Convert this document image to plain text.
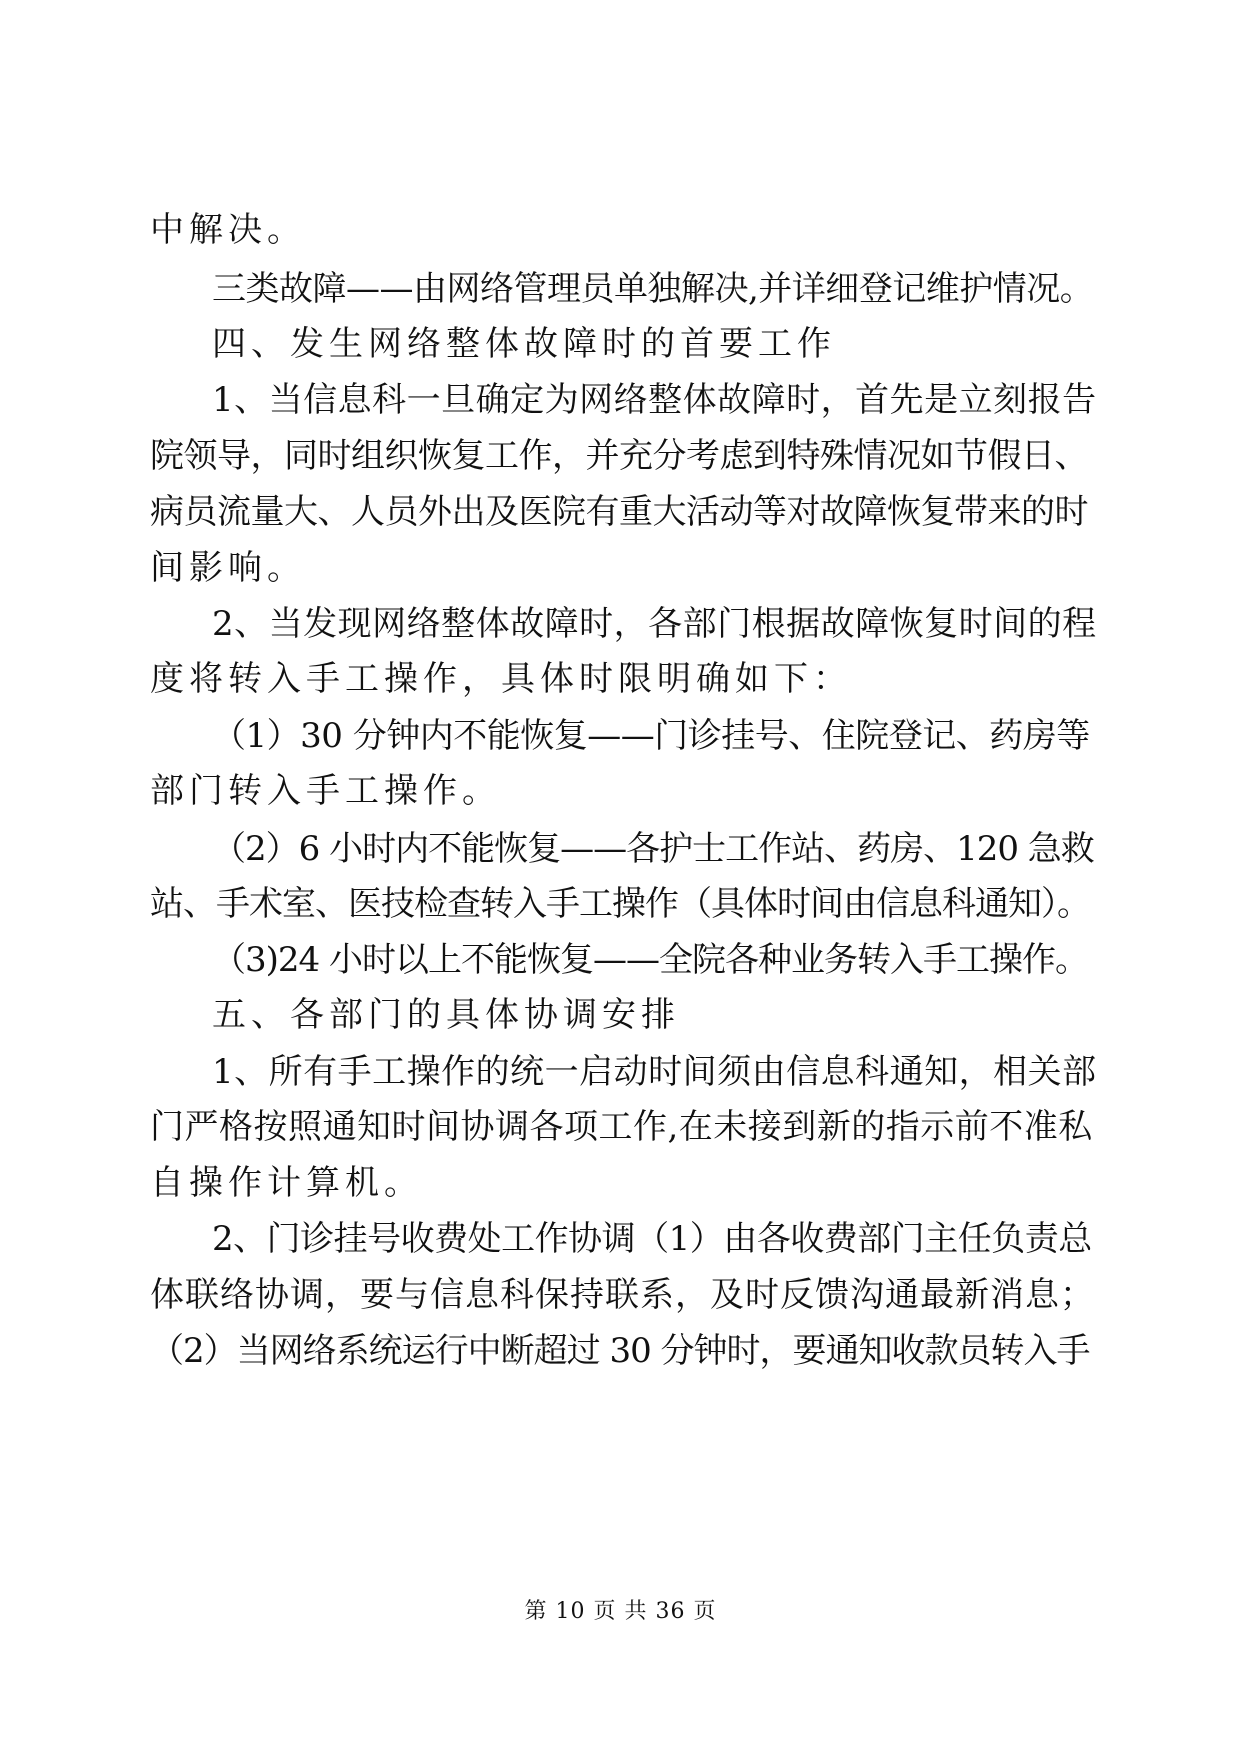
中解决。
三类故障——由网络管理员单独解决,并详细登记维护情况。
四、发生网络整体故障时的首要工作
1、当信息科一旦确定为网络整体故障时，首先是立刻报告
院领导，同时组织恢复工作，并充分考虑到特殊情况如节假日、
病员流量大、人员外出及医院有重大活动等对故障恢复带来的时
间影响。
2、当发现网络整体故障时，各部门根据故障恢复时间的程
度将转入手工操作，具体时限明确如下：
（1）30 分钟内不能恢复——门诊挂号、住院登记、药房等
部门转入手工操作。
（2）6 小时内不能恢复——各护士工作站、药房、120 急救
站、手术室、医技检查转入手工操作（具体时间由信息科通知）。
（3)24 小时以上不能恢复——全院各种业务转入手工操作。
五、各部门的具体协调安排
1、所有手工操作的统一启动时间须由信息科通知，相关部
门严格按照通知时间协调各项工作,在未接到新的指示前不准私
自操作计算机。
2、门诊挂号收费处工作协调（1）由各收费部门主任负责总
体联络协调，要与信息科保持联系，及时反馈沟通最新消息；
（2）当网络系统运行中断超过 30 分钟时，要通知收款员转入手
第 10 页 共 36 页
